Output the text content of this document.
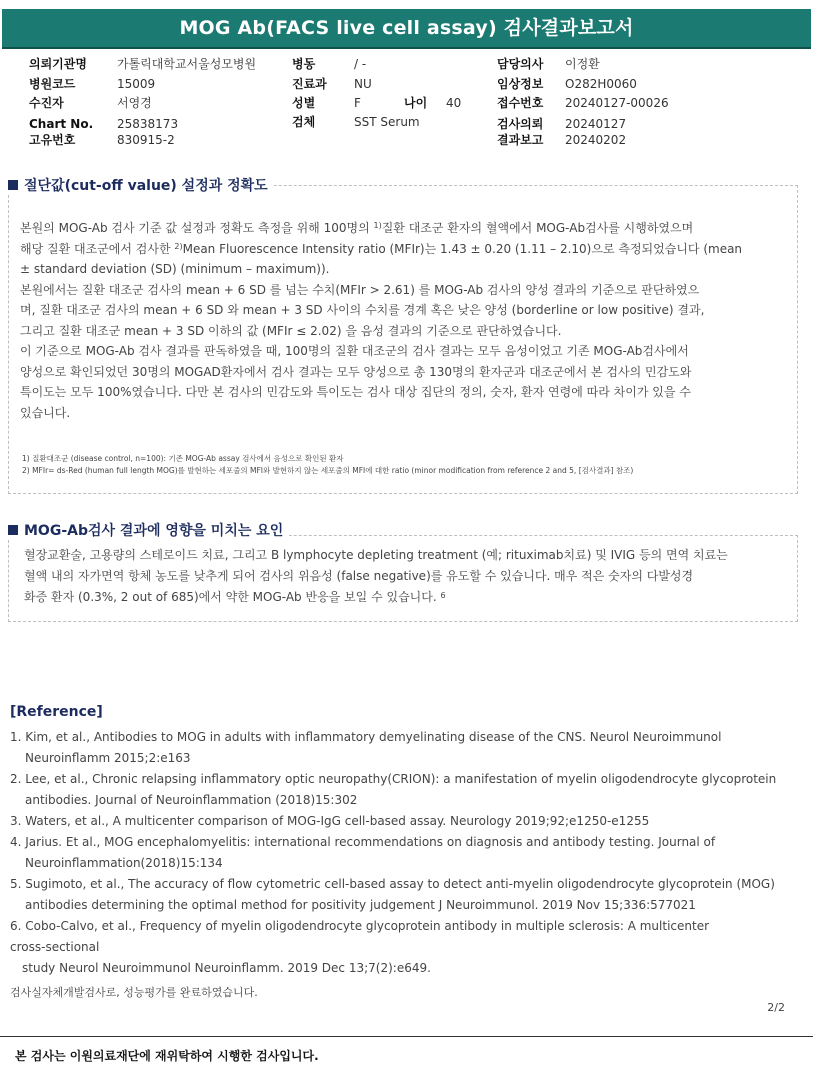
MOG Ab(FACS live cell assay) 검사결과보고서
의뢰기관명	가톨릭대학교서울성모병원
병원코드	15009
수진자	서영경
Chart No. 25838173
고유번호	830915-2
병동	/ -
진료과 NU
성별	F	나이 40
검체	SST Serum
담당의사 이정환
임상정보 O282H0060
접수번호 20240127-00026
검사의뢰 20240127
결과보고 20240202
절단값(cut-off value) 설정과 정확도

본원의 MOG-Ab 검사 기준 값 설정과 정확도 측정을 위해 100명의 $^{1)}$질환 대조군 환자의 혈액에서 MOG-Ab검사를 시행하였으며

해당 질환 대조군에서 검사한 $^{2)}$Mean Fluorescence Intensity ratio (MFIr)는 1.43 ± 0.20 (1.11 – 2.10)으로 측정되었습니다 (mean

± standard deviation (SD) (minimum – maximum)).

본원에서는 질환 대조군 검사의 mean + 6 SD 를 넘는 수치(MFIr > 2.61) 를 MOG-Ab 검사의 양성 결과의 기준으로 판단하였으

며, 질환 대조군 검사의 mean + 6 SD 와 mean + 3 SD 사이의 수치를 경계 혹은 낮은 양성 (borderline or low positive) 결과,

그리고 질환 대조군 mean + 3 SD 이하의 값 (MFIr ≤ 2.02) 을 음성 결과의 기준으로 판단하였습니다.

이 기준으로 MOG-Ab 검사 결과를 판독하였을 때, 100명의 질환 대조군의 검사 결과는 모두 음성이었고 기존 MOG-Ab검사에서

양성으로 확인되었던 30명의 MOGAD환자에서 검사 결과는 모두 양성으로 총 130명의 환자군과 대조군에서 본 검사의 민감도와

특이도는 모두 100%였습니다. 다만 본 검사의 민감도와 특이도는 검사 대상 집단의 정의, 숫자, 환자 연령에 따라 차이가 있을 수

있습니다.

1) 질환대조군 (disease control, n=100): 기존 MOG-Ab assay 검사에서 음성으로 확인된 환자
2) MFIr= ds-Red (human full length MOG)를 발현하는 세포줄의 MFI와 발현하지 않는 세포줄의 MFI에 대한 ratio (minor modification from reference 2 and 5, [검사결과] 참조)
MOG-Ab검사 결과에 영향을 미치는 요인

혈장교환술, 고용량의 스테로이드 치료, 그리고 B lymphocyte depleting treatment (예; rituximab치료) 및 IVIG 등의 면역 치료는

혈액 내의 자가면역 항체 농도를 낮추게 되어 검사의 위음성 (false negative)를 유도할 수 있습니다. 매우 적은 숫자의 다발성경

화증 환자 (0.3%, 2 out of 685)에서 약한 MOG-Ab 반응을 보일 수 있습니다. $^6$

[Reference]
1. Kim, et al., Antibodies to MOG in adults with inflammatory demyelinating disease of the CNS. Neurol Neuroimmunol
Neuroinflamm 2015;2:e163
2. Lee, et al., Chronic relapsing inflammatory optic neuropathy(CRION): a manifestation of myelin oligodendrocyte glycoprotein
antibodies. Journal of Neuroinflammation (2018)15:302
3. Waters, et al., A multicenter comparison of MOG-IgG cell-based assay. Neurology 2019;92;e1250-e1255
4. Jarius. Et al., MOG encephalomyelitis: international recommendations on diagnosis and antibody testing. Journal of
Neuroinflammation(2018)15:134
5. Sugimoto, et al., The accuracy of flow cytometric cell-based assay to detect anti-myelin oligodendrocyte glycoprotein (MOG)
antibodies determining the optimal method for positivity judgement J Neuroimmunol. 2019 Nov 15;336:577021
6. Cobo-Calvo, et al., Frequency of myelin oligodendrocyte glycoprotein antibody in multiple sclerosis: A multicenter
cross-sectional
study Neurol Neuroimmunol Neuroinflamm. 2019 Dec 13;7(2):e649.
검사실자체개발검사로, 성능평가를 완료하였습니다.
2/2
본 검사는 이원의료재단에 재위탁하여 시행한 검사입니다.
